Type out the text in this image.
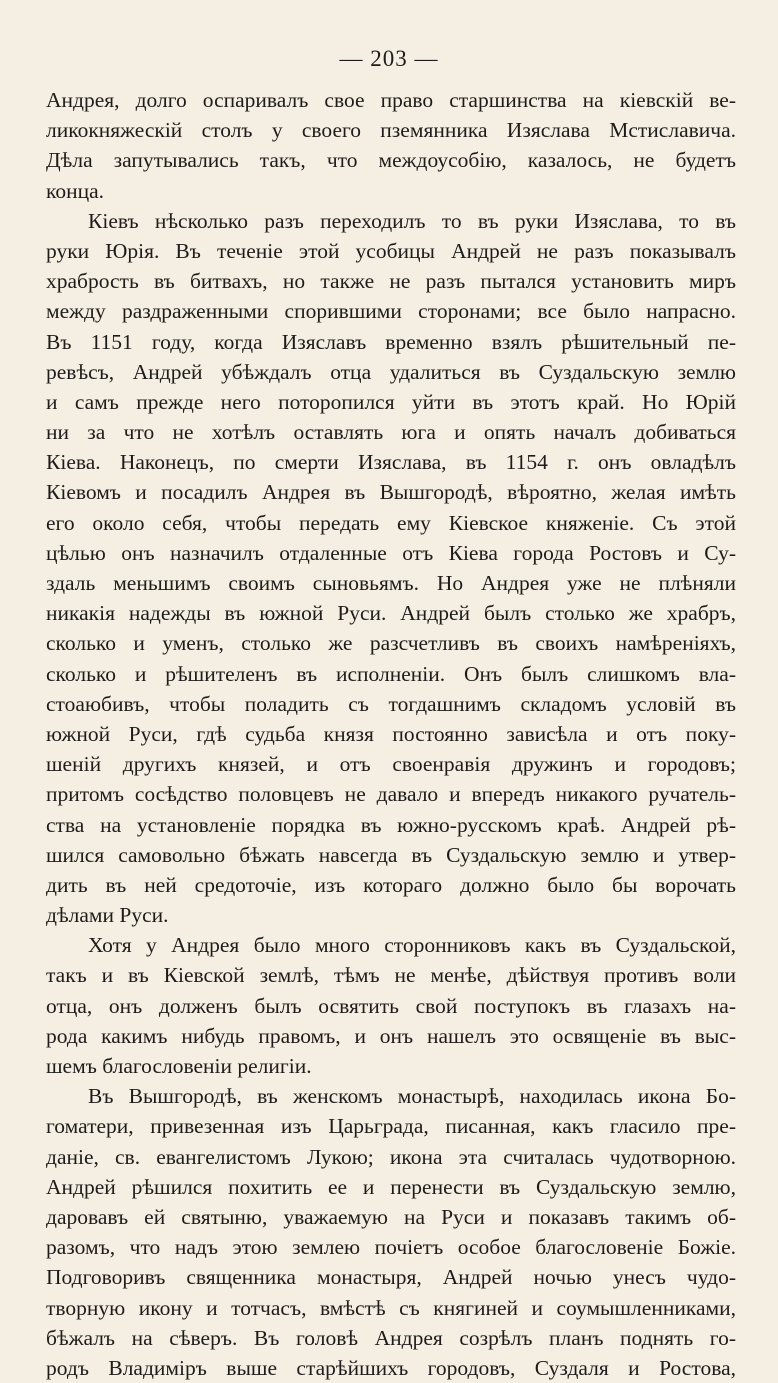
— 203 —
Андрея, долго оспаривалъ свое право старшинства на кіевскій ве-
ликокняжескій столъ у своего пземянника Изяслава Мстиславича.
Дѣла запутывались такъ, что междоусобію, казалось, не будетъ
конца.
Кіевъ нѣсколько разъ переходилъ то въ руки Изяслава, то въ
руки Юрія. Въ теченіе этой усобицы Андрей не разъ показывалъ
храбрость въ битвахъ, но также не разъ пытался установить миръ
между раздраженными спорившими сторонами; все было напрасно.
Въ 1151 году, когда Изяславъ временно взялъ рѣшительный пе-
ревѣсъ, Андрей убѣждалъ отца удалиться въ Суздальскую землю
и самъ прежде него поторопился уйти въ этотъ край. Но Юрій
ни за что не хотѣлъ оставлять юга и опять началъ добиваться
Кіева. Наконецъ, по смерти Изяслава, въ 1154 г. онъ овладѣлъ
Кіевомъ и посадилъ Андрея въ Вышгородѣ, вѣроятно, желая имѣть
его около себя, чтобы передать ему Кіевское княженіе. Съ этой
цѣлью онъ назначилъ отдаленные отъ Кіева города Ростовъ и Су-
здаль меньшимъ своимъ сыновьямъ. Но Андрея уже не плѣняли
никакія надежды въ южной Руси. Андрей былъ столько же храбръ,
сколько и уменъ, столько же разсчетливъ въ своихъ намѣреніяхъ,
сколько и рѣшителенъ въ исполненіи. Онъ былъ слишкомъ вла-
стоаюбивъ, чтобы поладить съ тогдашнимъ складомъ условій въ
южной Руси, гдѣ судьба князя постоянно зависѣла и отъ поку-
шеній другихъ князей, и отъ своенравія дружинъ и городовъ;
притомъ сосѣдство половцевъ не давало и впередъ никакого ручатель-
ства на установленіе порядка въ южно-русскомъ краѣ. Андрей рѣ-
шился самовольно бѣжать навсегда въ Суздальскую землю и утвер-
дить въ ней средоточіе, изъ котораго должно было бы ворочать
дѣлами Руси.
Хотя у Андрея было много сторонниковъ какъ въ Суздальской,
такъ и въ Кіевской землѣ, тѣмъ не менѣе, дѣйствуя противъ воли
отца, онъ долженъ былъ освятить свой поступокъ въ глазахъ на-
рода какимъ нибудь правомъ, и онъ нашелъ это освященіе въ выс-
шемъ благословеніи религіи.
Въ Вышгородѣ, въ женскомъ монастырѣ, находилась икона Бо-
гоматери, привезенная изъ Царьграда, писанная, какъ гласило пре-
даніе, св. евангелистомъ Лукою; икона эта считалась чудотворною.
Андрей рѣшился похитить ее и перенести въ Суздальскую землю,
даровавъ ей святыню, уважаемую на Руси и показавъ такимъ об-
разомъ, что надъ этою землею почіетъ особое благословеніе Божіе.
Подговоривъ священника монастыря, Андрей ночью унесъ чудо-
творную икону и тотчасъ, вмѣстѣ съ княгиней и соумышленниками,
бѣжалъ на сѣверъ. Въ головѣ Андрея созрѣлъ планъ поднять го-
родъ Владиміръ выше старѣйшихъ городовъ, Суздаля и Ростова,
